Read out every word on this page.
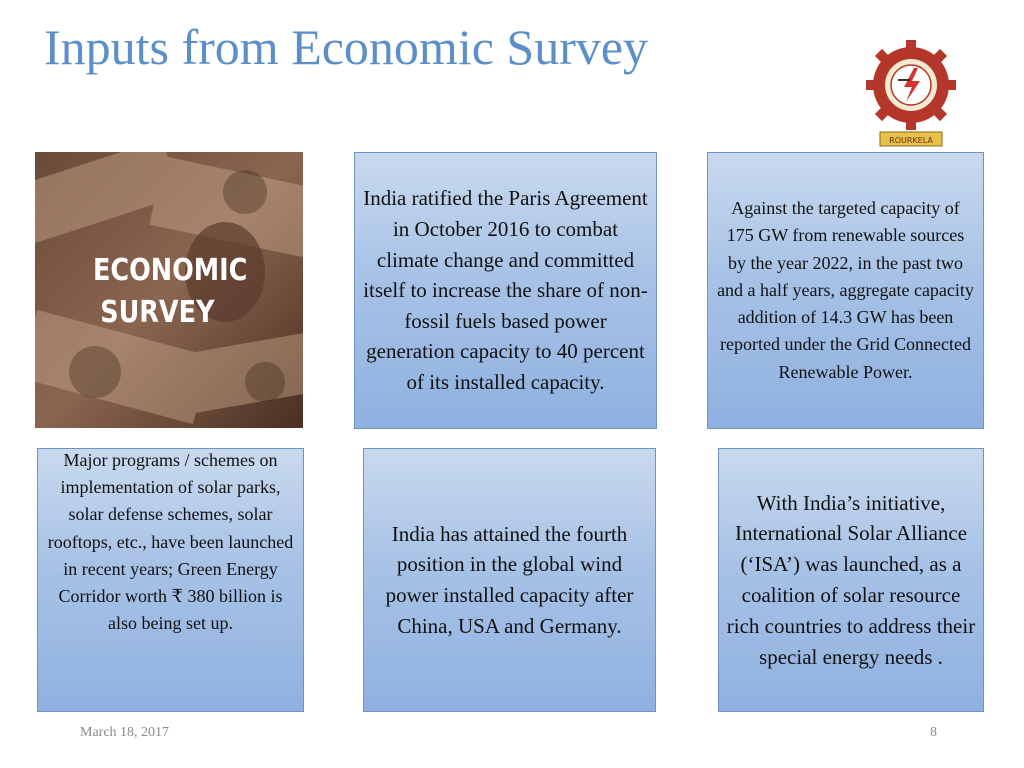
Inputs from Economic Survey
ROURKELA
ECONOMIC
SURVEY
India ratified the Paris Agreement in October 2016 to combat climate change and committed itself to increase the share of non-fossil fuels based power generation capacity to 40 percent of its installed capacity.
Against the targeted capacity of 175 GW from renewable sources by the year 2022, in the past two and a half years, aggregate capacity addition of 14.3 GW has been reported under the Grid Connected Renewable Power.
Major programs / schemes on implementation of solar parks, solar defense schemes, solar rooftops, etc., have been launched in recent years; Green Energy Corridor worth ₹ 380 billion is also being set up.
India has attained the fourth position in the global wind power installed capacity after China, USA and Germany.
With India’s initiative, International Solar Alliance (‘ISA’) was launched, as a coalition of solar resource rich countries to address their special energy needs .
March 18, 2017	8
